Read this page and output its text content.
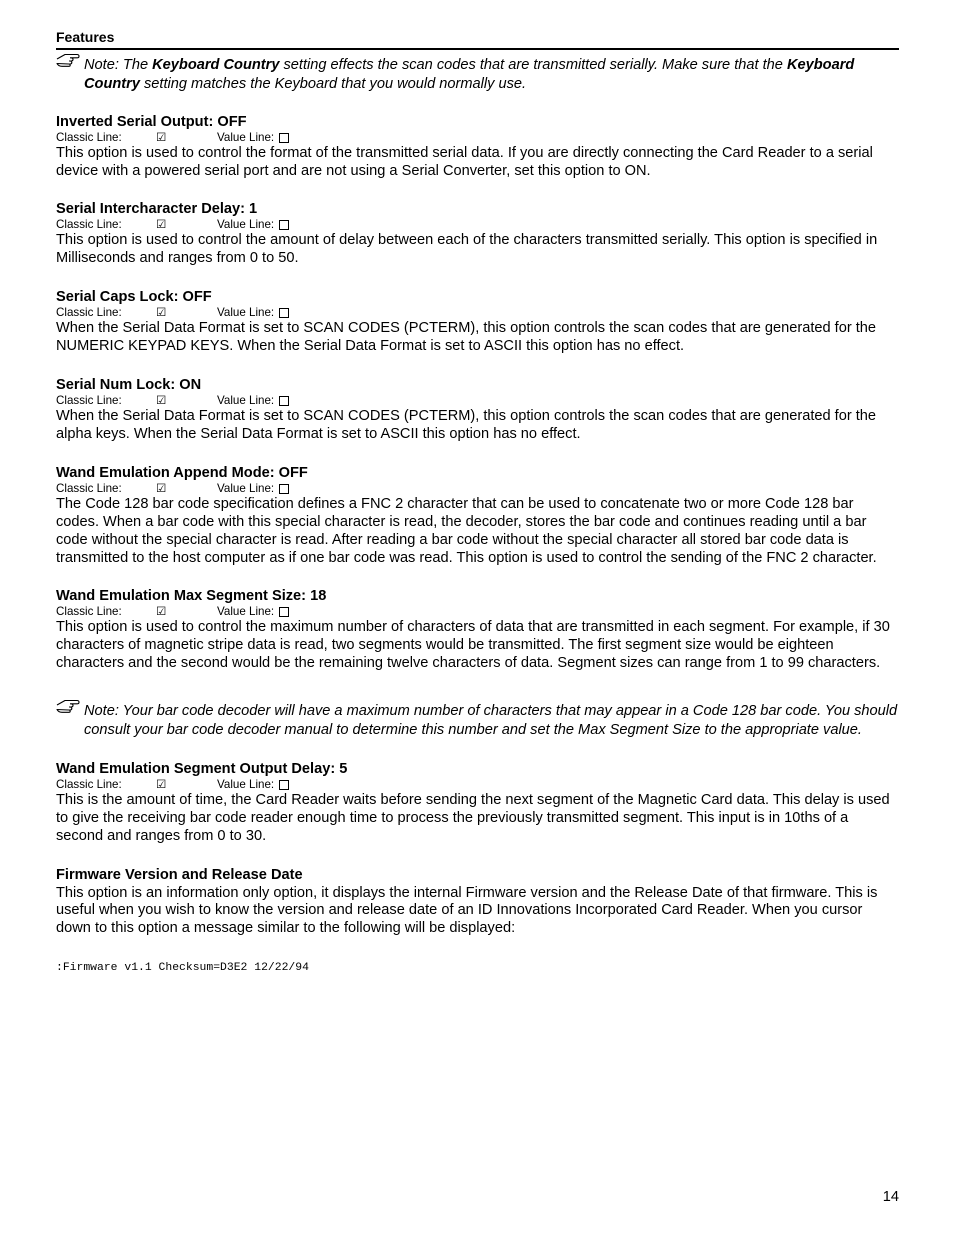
Features
Note: The Keyboard Country setting effects the scan codes that are transmitted serially. Make sure that the Keyboard Country setting matches the Keyboard that you would normally use.
Inverted Serial Output: OFF
Classic Line:	☑	Value Line:

This option is used to control the format of the transmitted serial data. If you are directly connecting the Card Reader to a serial device with a powered serial port and are not using a Serial Converter, set this option to ON.

Serial Intercharacter Delay: 1
Classic Line:	☑	Value Line:

This option is used to control the amount of delay between each of the characters transmitted serially. This option is specified in Milliseconds and ranges from 0 to 50.

Serial Caps Lock: OFF
Classic Line:	☑	Value Line:

When the Serial Data Format is set to SCAN CODES (PCTERM), this option controls the scan codes that are generated for the NUMERIC KEYPAD KEYS. When the Serial Data Format is set to ASCII this option has no effect.

Serial Num Lock: ON
Classic Line:	☑	Value Line:

When the Serial Data Format is set to SCAN CODES (PCTERM), this option controls the scan codes that are generated for the alpha keys. When the Serial Data Format is set to ASCII this option has no effect.

Wand Emulation Append Mode: OFF
Classic Line:	☑	Value Line:

The Code 128 bar code specification defines a FNC 2 character that can be used to concatenate two or more Code 128 bar codes. When a bar code with this special character is read, the decoder, stores the bar code and continues reading until a bar code without the special character is read. After reading a bar code without the special character all stored bar code data is transmitted to the host computer as if one bar code was read. This option is used to control the sending of the FNC 2 character.

Wand Emulation Max Segment Size: 18
Classic Line:	☑	Value Line:

This option is used to control the maximum number of characters of data that are transmitted in each segment. For example, if 30 characters of magnetic stripe data is read, two segments would be transmitted. The first segment size would be eighteen characters and the second would be the remaining twelve characters of data. Segment sizes can range from 1 to 99 characters.

Note: Your bar code decoder will have a maximum number of characters that may appear in a Code 128 bar code. You should consult your bar code decoder manual to determine this number and set the Max Segment Size to the appropriate value.
Wand Emulation Segment Output Delay: 5
Classic Line:	☑	Value Line:

This is the amount of time, the Card Reader waits before sending the next segment of the Magnetic Card data. This delay is used to give the receiving bar code reader enough time to process the previously transmitted segment. This input is in 10ths of a second and ranges from 0 to 30.

Firmware Version and Release Date

This option is an information only option, it displays the internal Firmware version and the Release Date of that firmware. This is useful when you wish to know the version and release date of an ID Innovations Incorporated Card Reader. When you cursor down to this option a message similar to the following will be displayed:

:Firmware v1.1 Checksum=D3E2 12/22/94
14
